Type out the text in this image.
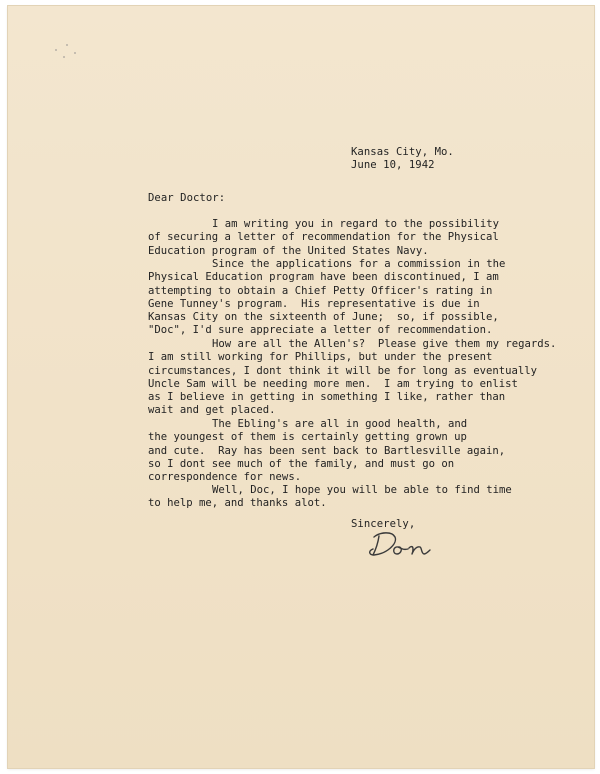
Kansas City, Mo.
June 10, 1942
Dear Doctor:
I am writing you in regard to the possibility
of securing a letter of recommendation for the Physical
Education program of the United States Navy.
Since the applications for a commission in the
Physical Education program have been discontinued, I am
attempting to obtain a Chief Petty Officer's rating in
Gene Tunney's program.  His representative is due in
Kansas City on the sixteenth of June;  so, if possible,
"Doc", I'd sure appreciate a letter of recommendation.
How are all the Allen's?  Please give them my regards.
I am still working for Phillips, but under the present
circumstances, I dont think it will be for long as eventually
Uncle Sam will be needing more men.  I am trying to enlist
as I believe in getting in something I like, rather than
wait and get placed.
The Ebling's are all in good health, and
the youngest of them is certainly getting grown up
and cute.  Ray has been sent back to Bartlesville again,
so I dont see much of the family, and must go on
correspondence for news.
Well, Doc, I hope you will be able to find time
to help me, and thanks alot.
Sincerely,
